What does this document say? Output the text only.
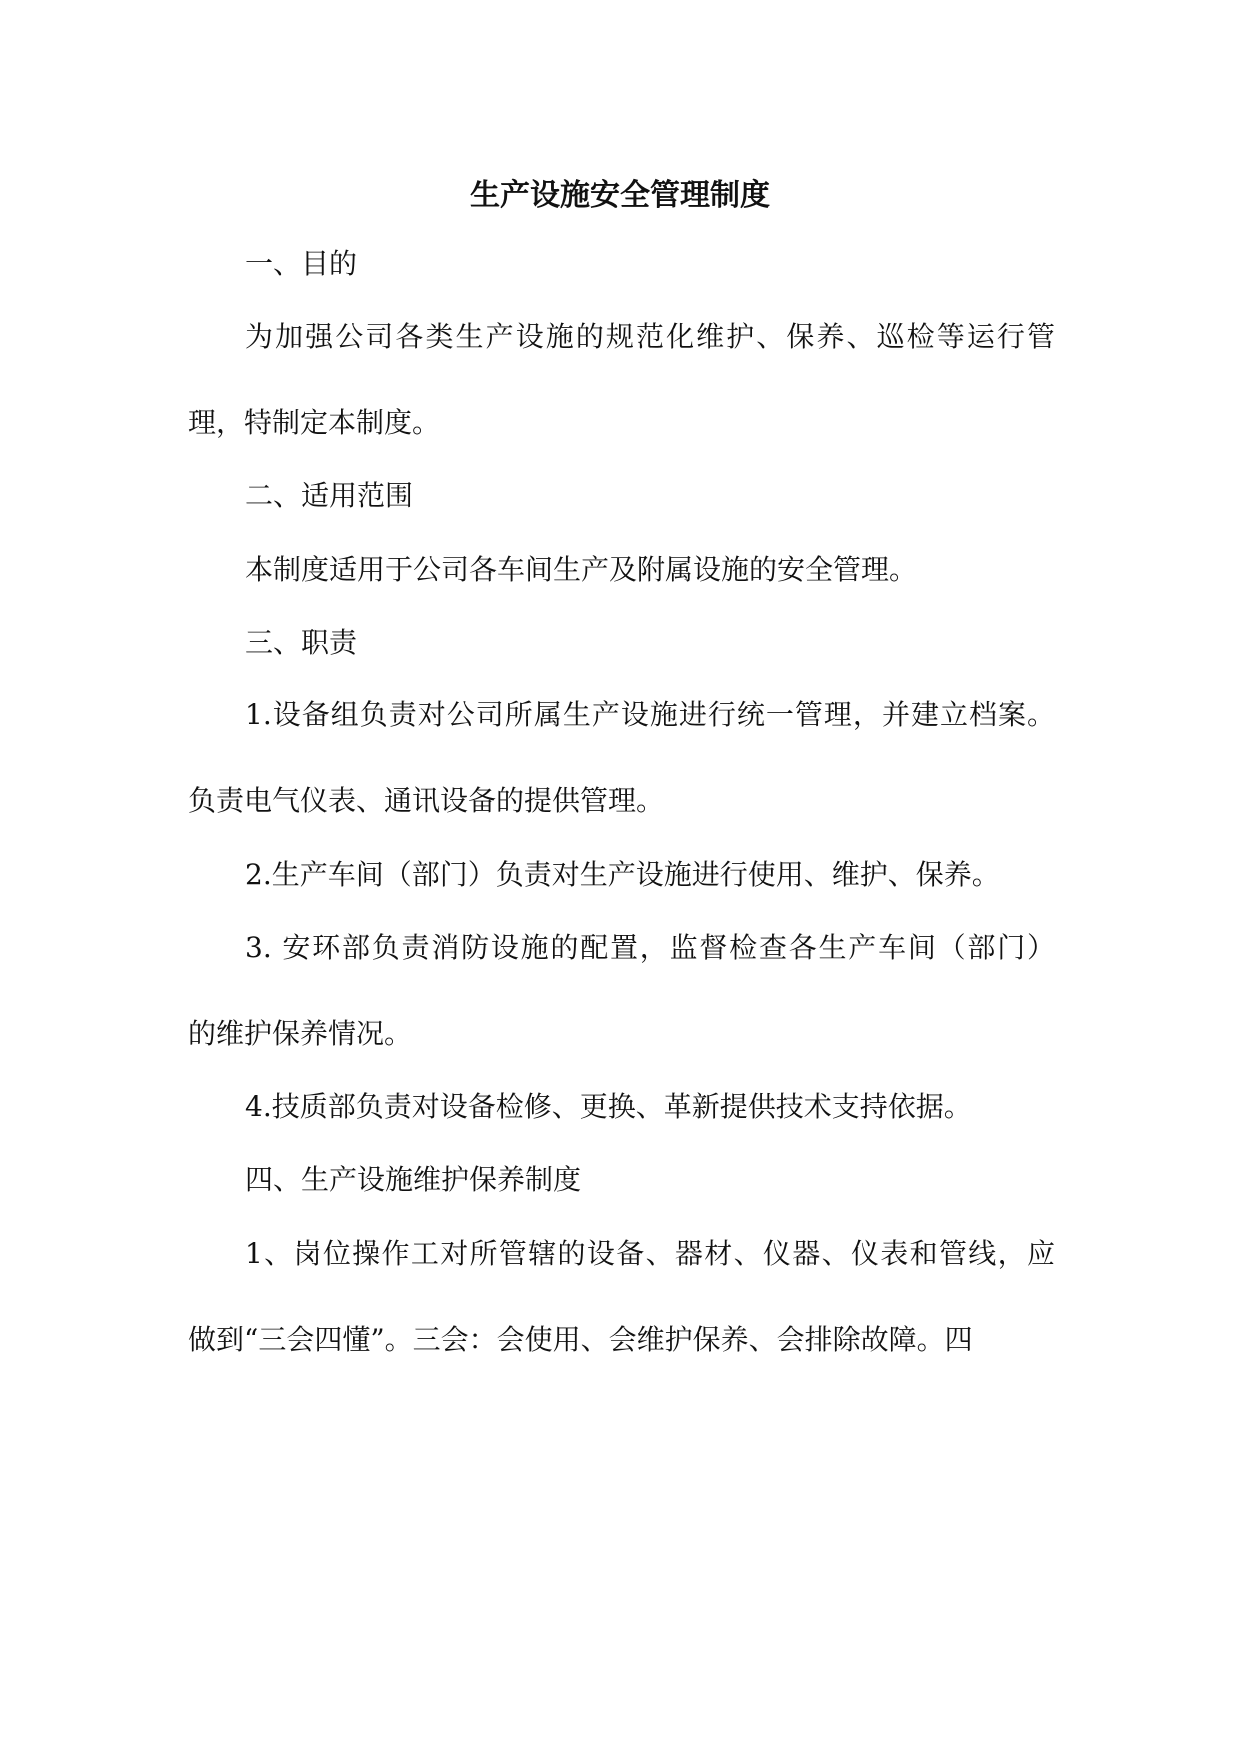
生产设施安全管理制度
一、目的
为加强公司各类生产设施的规范化维护、保养、巡检等运行管
理，特制定本制度。
二、适用范围
本制度适用于公司各车间生产及附属设施的安全管理。
三、职责
1.设备组负责对公司所属生产设施进行统一管理，并建立档案。
负责电气仪表、通讯设备的提供管理。
2.生产车间（部门）负责对生产设施进行使用、维护、保养。
3. 安环部负责消防设施的配置，监督检查各生产车间（部门）
的维护保养情况。
4.技质部负责对设备检修、更换、革新提供技术支持依据。
四、生产设施维护保养制度
1、岗位操作工对所管辖的设备、器材、仪器、仪表和管线，应
做到“三会四懂”。三会：会使用、会维护保养、会排除故障。四
